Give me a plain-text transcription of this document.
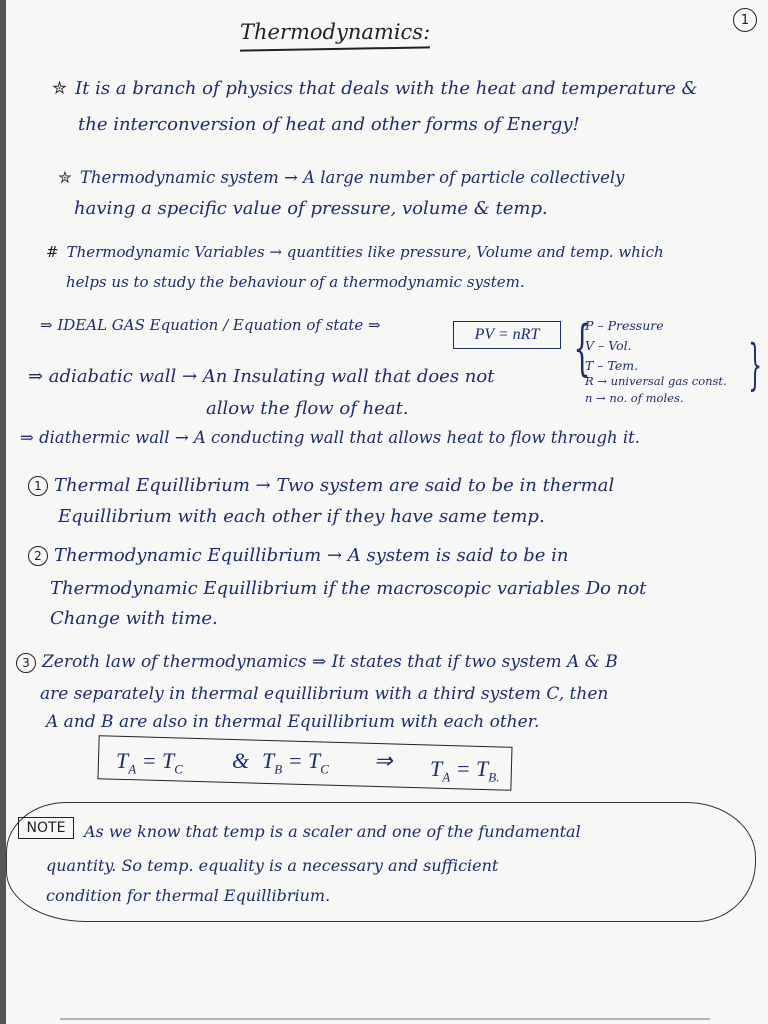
1
Thermodynamics:
✮ It is a branch of physics that deals with the heat and temperature &
the interconversion of heat and other forms of Energy!
✮ Thermodynamic system → A large number of particle collectively
having a specific value of pressure, volume & temp.
# Thermodynamic Variables → quantities like pressure, Volume and temp. which
helps us to study the behaviour of a thermodynamic system.
⇒ IDEAL GAS Equation / Equation of state ⇒
PV = nRT {
P – Pressure
V – Vol.
T – Tem.
R → universal gas const.
n → no. of moles.
}
⇒ adiabatic wall → An Insulating wall that does not
allow the flow of heat.
⇒ diathermic wall → A conducting wall that allows heat to flow through it.
1 Thermal Equillibrium → Two system are said to be in thermal
Equillibrium with each other if they have same temp.
2 Thermodynamic Equillibrium → A system is said to be in
Thermodynamic Equillibrium if the macroscopic variables Do not
Change with time.
3 Zeroth law of thermodynamics ⇒ It states that if two system A & B
are separately in thermal equillibrium with a third system C, then
A and B are also in thermal Equillibrium with each other.
$T_A = T_C$ & $T_B = T_C$ ⇒ $T_A = T_{B.}$
NOTE	As we know that temp is a scaler and one of the fundamental
quantity. So temp. equality is a necessary and sufficient
condition for thermal Equillibrium.
